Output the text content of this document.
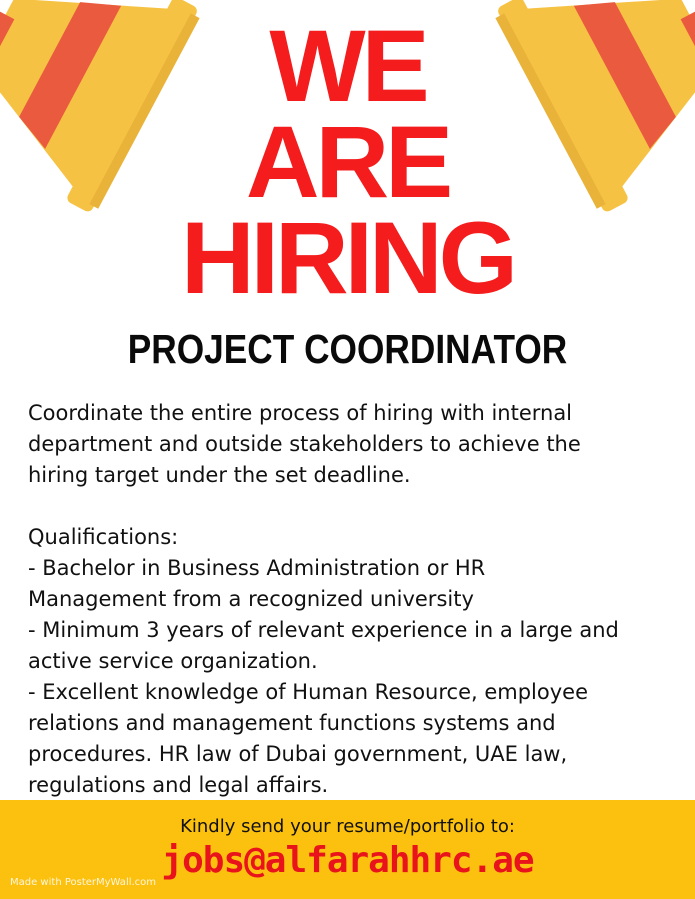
WE
ARE
HIRING
PROJECT COORDINATOR

Coordinate the entire process of hiring with internal

department and outside stakeholders to achieve the

hiring target under the set deadline.

Qualifications:

- Bachelor in Business Administration or HR

Management from a recognized university

- Minimum 3 years of relevant experience in a large and

active service organization.

- Excellent knowledge of Human Resource, employee

relations and management functions systems and

procedures. HR law of Dubai government, UAE law,

regulations and legal affairs.

Kindly send your resume/portfolio to:
jobs@alfarahhrc.ae
Made with PosterMyWall.com
